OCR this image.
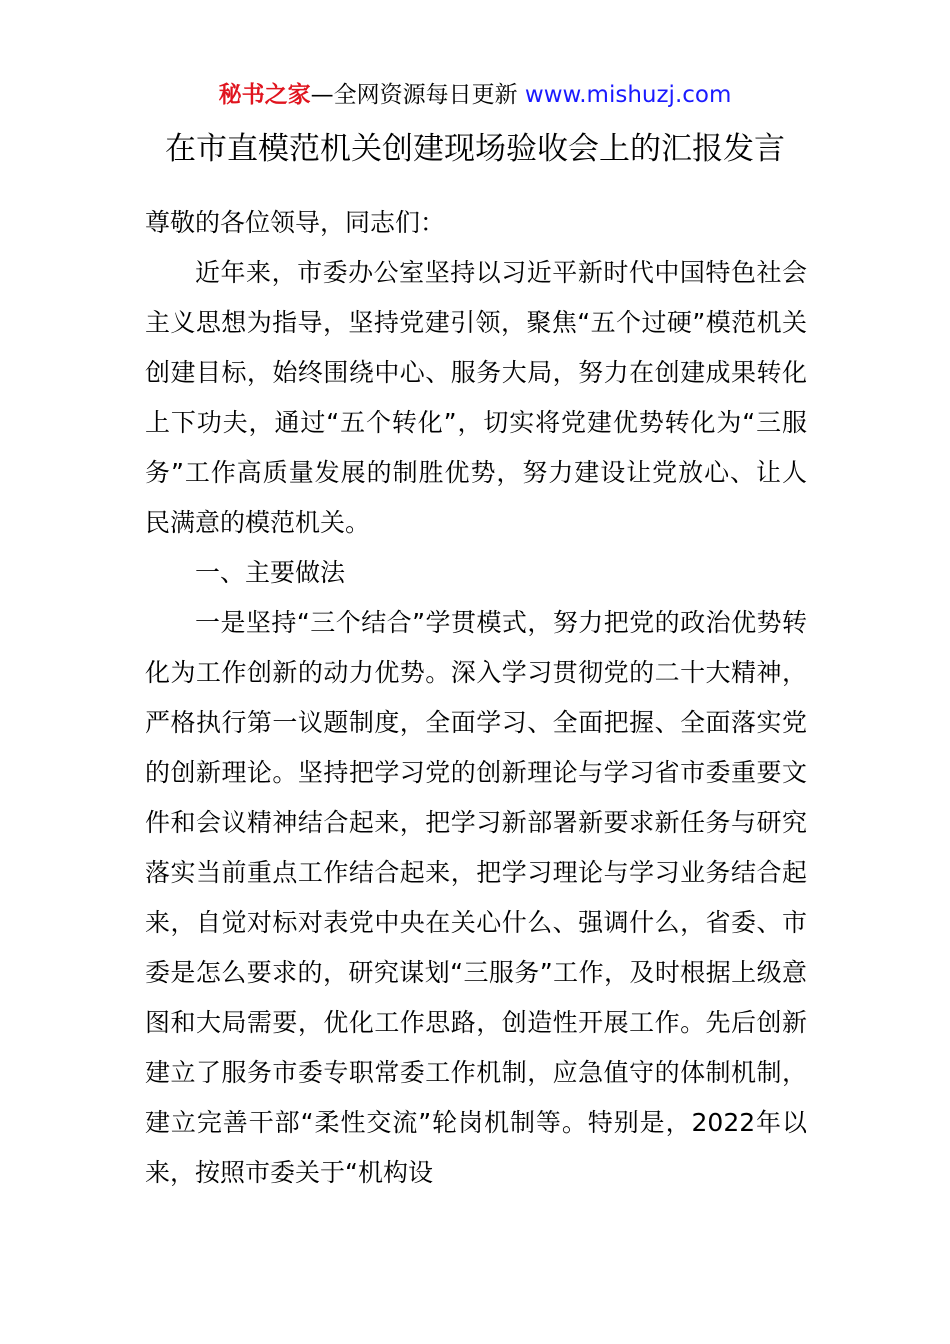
秘书之家—全网资源每日更新 www.mishuzj.com
在市直模范机关创建现场验收会上的汇报发言

尊敬的各位领导，同志们：

近年来，市委办公室坚持以习近平新时代中国特色社会主义思想为指导，坚持党建引领，聚焦“五个过硬”模范机关创建目标，始终围绕中心、服务大局，努力在创建成果转化上下功夫，通过“五个转化”，切实将党建优势转化为“三服务”工作高质量发展的制胜优势，努力建设让党放心、让人民满意的模范机关。

一、主要做法

一是坚持“三个结合”学贯模式，努力把党的政治优势转化为工作创新的动力优势。深入学习贯彻党的二十大精神，严格执行第一议题制度，全面学习、全面把握、全面落实党的创新理论。坚持把学习党的创新理论与学习省市委重要文件和会议精神结合起来，把学习新部署新要求新任务与研究落实当前重点工作结合起来，把学习理论与学习业务结合起来，自觉对标对表党中央在关心什么、强调什么，省委、市委是怎么要求的，研究谋划“三服务”工作，及时根据上级意图和大局需要，优化工作思路，创造性开展工作。先后创新建立了服务市委专职常委工作机制，应急值守的体制机制，建立完善干部“柔性交流”轮岗机制等。特别是，2022年以来，按照市委关于“机构设
